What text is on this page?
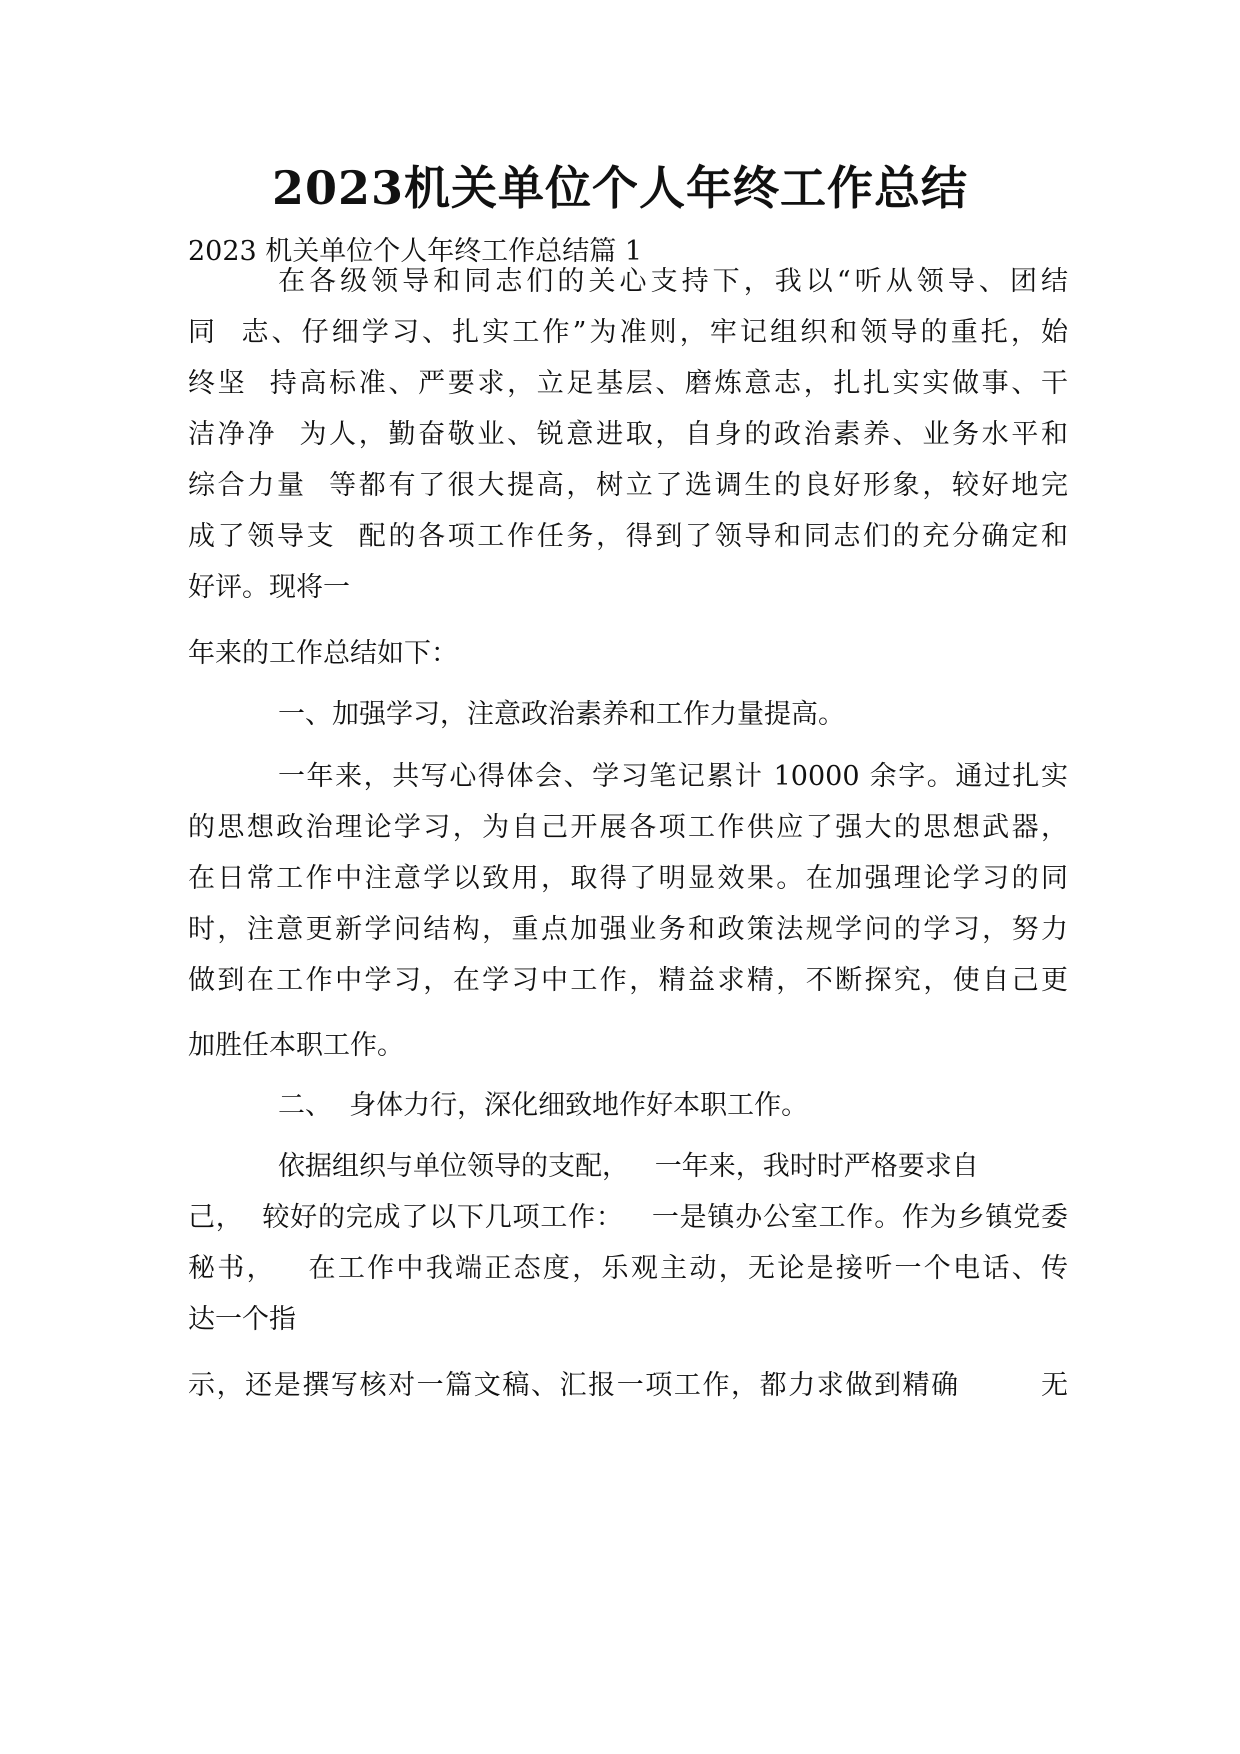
2023机关单位个人年终工作总结
2023 机关单位个人年终工作总结篇 1
在各级领导和同志们的关心支持下，我以“听从领导、团结
同  志、仔细学习、扎实工作”为准则，牢记组织和领导的重托，始
终坚  持高标准、严要求，立足基层、磨炼意志，扎扎实实做事、干
洁净净  为人，勤奋敬业、锐意进取，自身的政治素养、业务水平和
综合力量  等都有了很大提高，树立了选调生的良好形象，较好地完
成了领导支  配的各项工作任务，得到了领导和同志们的充分确定和
好评。现将一
年来的工作总结如下：
一、加强学习，注意政治素养和工作力量提高。
一年来，共写心得体会、学习笔记累计 10000 余字。通过扎实
的思想政治理论学习，为自己开展各项工作供应了强大的思想武器，
在日常工作中注意学以致用，取得了明显效果。在加强理论学习的同
时，注意更新学问结构，重点加强业务和政策法规学问的学习，努力
做到在工作中学习，在学习中工作，精益求精，不断探究，使自己更
加胜任本职工作。
二、  身体力行，深化细致地作好本职工作。
依据组织与单位领导的支配，   一年来，我时时严格要求自
己，  较好的完成了以下几项工作：   一是镇办公室工作。作为乡镇党委
秘书，   在工作中我端正态度，乐观主动，无论是接听一个电话、传
达一个指
示，还是撰写核对一篇文稿、汇报一项工作，都力求做到精确        无
